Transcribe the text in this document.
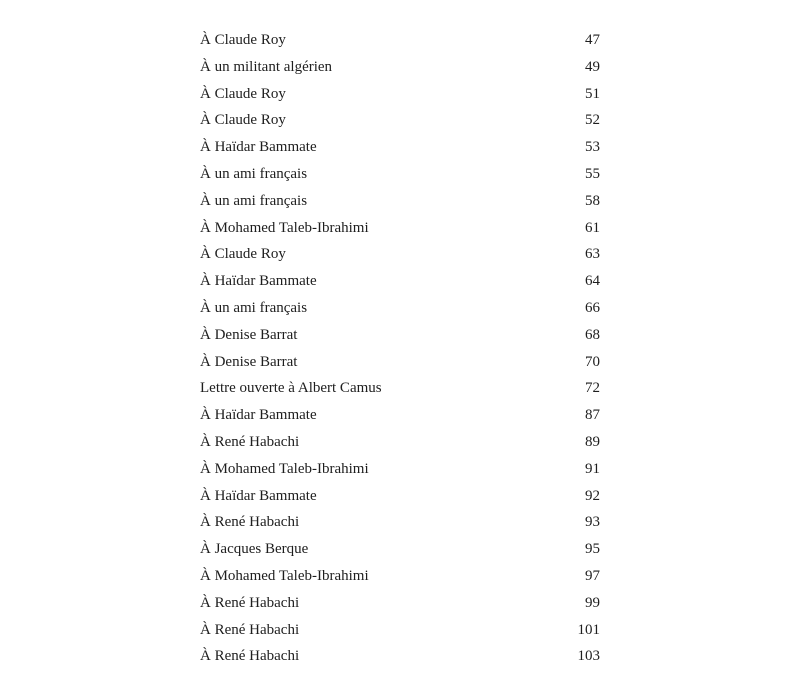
À Claude Roy	47
À un militant algérien	49
À Claude Roy	51
À Claude Roy	52
À Haïdar Bammate	53
À un ami français	55
À un ami français	58
À Mohamed Taleb-Ibrahimi	61
À Claude Roy	63
À Haïdar Bammate	64
À un ami français	66
À Denise Barrat	68
À Denise Barrat	70
Lettre ouverte à Albert Camus	72
À Haïdar Bammate	87
À René Habachi	89
À Mohamed Taleb-Ibrahimi	91
À Haïdar Bammate	92
À René Habachi	93
À Jacques Berque	95
À Mohamed Taleb-Ibrahimi	97
À René Habachi	99
À René Habachi	101
À René Habachi	103
